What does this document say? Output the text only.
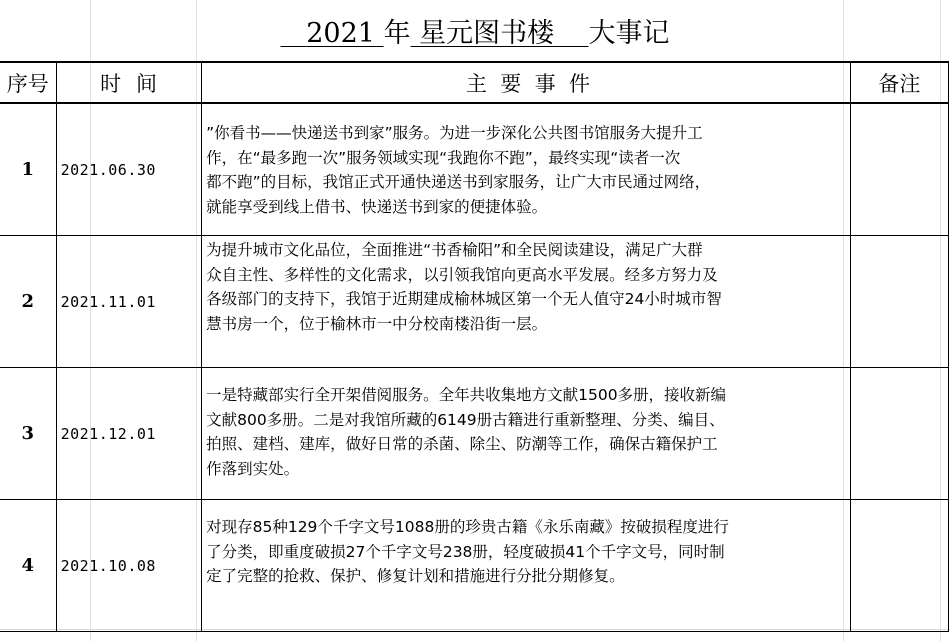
2021 年 星元图书楼 大事记
序号	时  间	主  要  事  件	备注
1	2021.06.30	”你看书——快递送书到家”服务。为进一步深化公共图书馆服务大提升工
作，在“最多跑一次”服务领域实现“我跑你不跑”，最终实现“读者一次
都不跑”的目标，我馆正式开通快递送书到家服务，让广大市民通过网络，
就能享受到线上借书、快递送书到家的便捷体验。	

2	2021.11.01	为提升城市文化品位，全面推进“书香榆阳”和全民阅读建设，满足广大群
众自主性、多样性的文化需求，以引领我馆向更高水平发展。经多方努力及
各级部门的支持下，我馆于近期建成榆林城区第一个无人值守24小时城市智
慧书房一个，位于榆林市一中分校南楼沿街一层。	

3	2021.12.01	一是特藏部实行全开架借阅服务。全年共收集地方文献1500多册，接收新编
文献800多册。二是对我馆所藏的6149册古籍进行重新整理、分类、编目、
拍照、建档、建库，做好日常的杀菌、除尘、防潮等工作，确保古籍保护工
作落到实处。	

4	2021.10.08	对现存85种129个千字文号1088册的珍贵古籍《永乐南藏》按破损程度进行
了分类，即重度破损27个千字文号238册，轻度破损41个千字文号，同时制
定了完整的抢救、保护、修复计划和措施进行分批分期修复。	
